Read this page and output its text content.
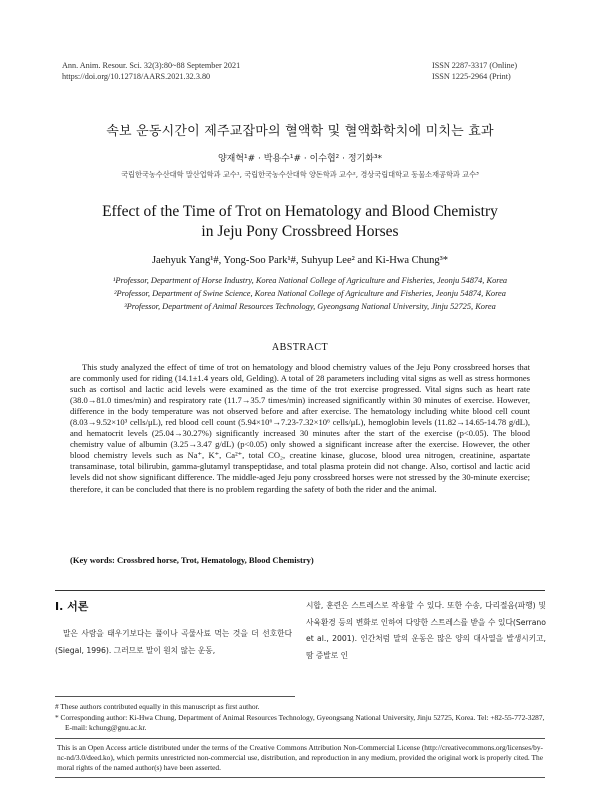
Ann. Anim. Resour. Sci. 32(3):80~88 September 2021
https://doi.org/10.12718/AARS.2021.32.3.80
ISSN 2287-3317 (Online)
ISSN 1225-2964 (Print)
속보 운동시간이 제주교잡마의 혈액학 및 혈액화학치에 미치는 효과
양재혁¹# · 박용수¹# · 이수협² · 정기화³*
국립한국농수산대학 말산업학과 교수¹, 국립한국농수산대학 양돈학과 교수², 경상국립대학교 동물소재공학과 교수³
Effect of the Time of Trot on Hematology and Blood Chemistry
in Jeju Pony Crossbreed Horses
Jaehyuk Yang¹#, Yong-Soo Park¹#, Suhyup Lee² and Ki-Hwa Chung³*
¹Professor, Department of Horse Industry, Korea National College of Agriculture and Fisheries, Jeonju 54874, Korea
²Professor, Department of Swine Science, Korea National College of Agriculture and Fisheries, Jeonju 54874, Korea
³Professor, Department of Animal Resources Technology, Gyeongsang National University, Jinju 52725, Korea
ABSTRACT

This study analyzed the effect of time of trot on hematology and blood chemistry values of the Jeju Pony crossbreed horses that are commonly used for riding (14.1±1.4 years old, Gelding). A total of 28 parameters including vital signs as well as stress hormones such as cortisol and lactic acid levels were examined as the time of the trot exercise progressed. Vital signs such as heart rate (38.0→81.0 times/min) and respiratory rate (11.7→35.7 times/min) increased significantly within 30 minutes of exercise. However, difference in the body temperature was not observed before and after exercise. The hematology including white blood cell count (8.03→9.52×10³ cells/μL), red blood cell count (5.94×10⁶→7.23-7.32×10⁶ cells/μL), hemoglobin levels (11.82→14.65-14.78 g/dL), and hematocrit levels (25.04→30.27%) significantly increased 30 minutes after the start of the exercise (p<0.05). The blood chemistry value of albumin (3.25→3.47 g/dL) (p<0.05) only showed a significant increase after the exercise. However, the other blood chemistry levels such as Na⁺, K⁺, Ca²⁺, total CO₂, creatine kinase, glucose, blood urea nitrogen, creatinine, aspartate transaminase, total bilirubin, gamma-glutamyl transpeptidase, and total plasma protein did not change. Also, cortisol and lactic acid levels did not show significant difference. The middle-aged Jeju pony crossbreed horses were not stressed by the 30-minute exercise; therefore, it can be concluded that there is no problem regarding the safety of both the rider and the animal.

(Key words: Crossbred horse, Trot, Hematology, Blood Chemistry)
Ⅰ. 서론

말은 사람을 태우기보다는 풀이나 곡물사료 먹는 것을 더 선호한다(Siegal, 1996). 그러므로 말이 원치 않는 운동,

시합, 훈련은 스트레스로 작용할 수 있다. 또한 수송, 다리절음(파행) 및 사육환경 등의 변화로 인하여 다양한 스트레스를 받을 수 있다(Serrano et al., 2001). 인간처럼 말의 운동은 많은 양의 대사열을 발생시키고, 땀 증발로 인

# These authors contributed equally in this manuscript as first author.
* Corresponding author: Ki-Hwa Chung, Department of Animal Resources Technology, Gyeongsang National University, Jinju 52725, Korea. Tel: +82-55-772-3287, E-mail: kchung@gnu.ac.kr.
This is an Open Access article distributed under the terms of the Creative Commons Attribution Non-Commercial License (http://creativecommons.org/licenses/by-nc-nd/3.0/deed.ko), which permits unrestricted non-commercial use, distribution, and reproduction in any medium, provided the original work is properly cited. The moral rights of the named author(s) have been asserted.
